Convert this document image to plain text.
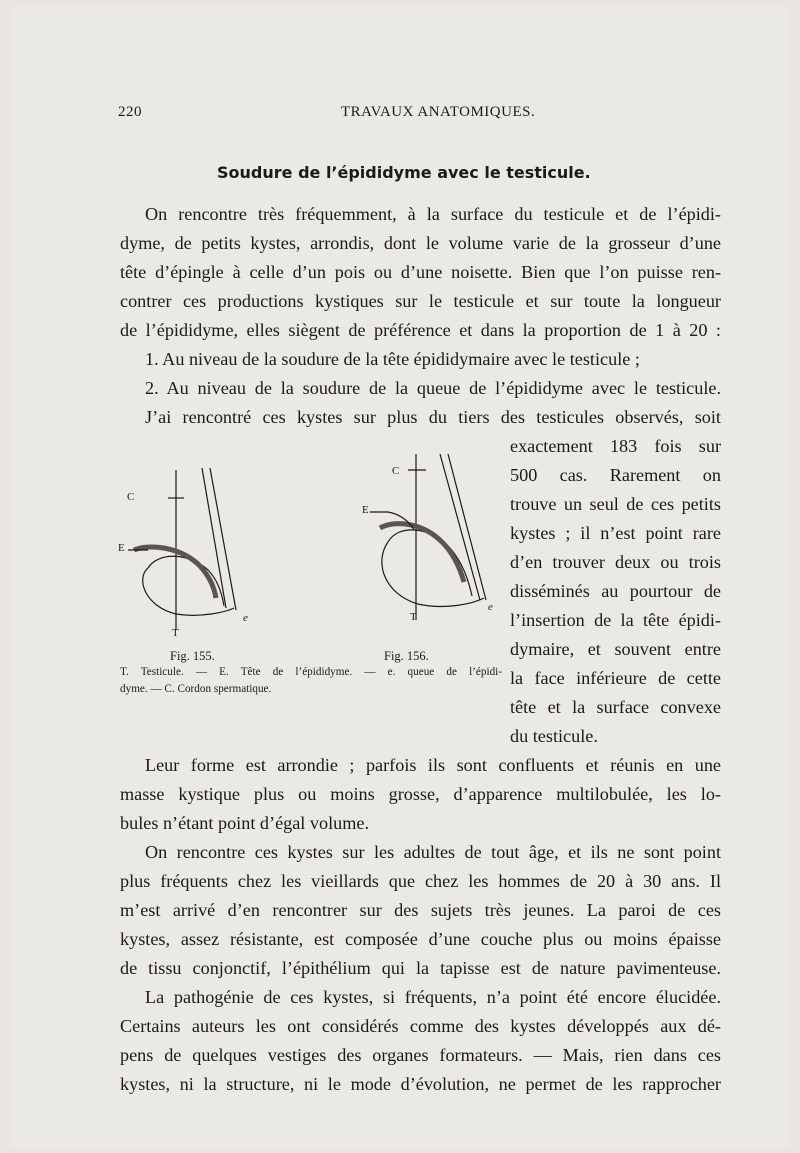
220	TRAVAUX ANATOMIQUES.
Soudure de l’épididyme avec le testicule.
On rencontre très fréquemment, à la surface du testicule et de l’épidi-
dyme, de petits kystes, arrondis, dont le volume varie de la grosseur d’une
tête d’épingle à celle d’un pois ou d’une noisette. Bien que l’on puisse ren-
contrer ces productions kystiques sur le testicule et sur toute la longueur
de l’épididyme, elles siègent de préférence et dans la proportion de 1 à 20 :
1. Au niveau de la soudure de la tête épididymaire avec le testicule ;
2. Au niveau de la soudure de la queue de l’épididyme avec le testicule.
J’ai rencontré ces kystes sur plus du tiers des testicules observés, soit
exactement 183 fois sur
500 cas. Rarement on
trouve un seul de ces petits
kystes ; il n’est point rare
d’en trouver deux ou trois
disséminés au pourtour de
l’insertion de la tête épidi-
dymaire, et souvent entre
la face inférieure de cette
tête et la surface convexe
du testicule.
C
E
T
e
Fig. 155.
C
E
T
e
Fig. 156.
T. Testicule. — E. Tête de l’épididyme. — e. queue de l’épidi-
dyme. — C. Cordon spermatique.
Leur forme est arrondie ; parfois ils sont confluents et réunis en une
masse kystique plus ou moins grosse, d’apparence multilobulée, les lo-
bules n’étant point d’égal volume.
On rencontre ces kystes sur les adultes de tout âge, et ils ne sont point
plus fréquents chez les vieillards que chez les hommes de 20 à 30 ans. Il
m’est arrivé d’en rencontrer sur des sujets très jeunes. La paroi de ces
kystes, assez résistante, est composée d’une couche plus ou moins épaisse
de tissu conjonctif, l’épithélium qui la tapisse est de nature pavimenteuse.
La pathogénie de ces kystes, si fréquents, n’a point été encore élucidée.
Certains auteurs les ont considérés comme des kystes développés aux dé-
pens de quelques vestiges des organes formateurs. — Mais, rien dans ces
kystes, ni la structure, ni le mode d’évolution, ne permet de les rapprocher
